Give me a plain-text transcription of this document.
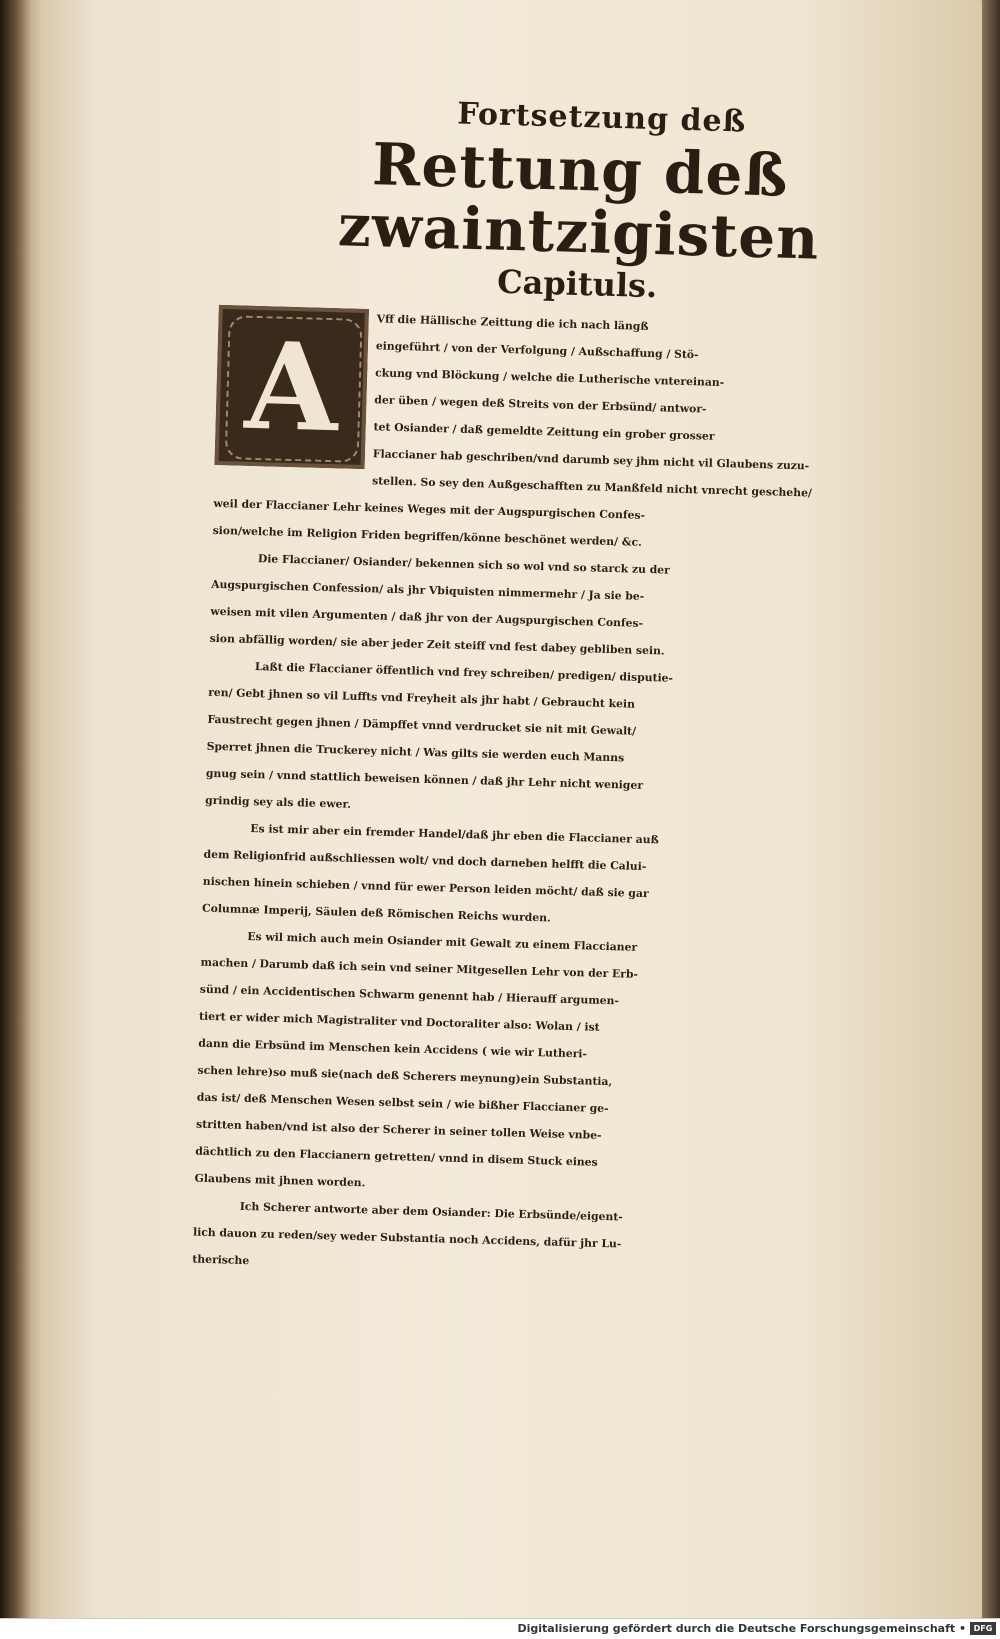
Fortsetzung deß
Rettung deß zwaintzigisten
Capituls.
A	Vff die Hällische Zeittung die ich nach längß

eingeführt / von der Verfolgung / Außschaffung / Stö-

ckung vnd Blöckung / welche die Lutherische vntereinan-

der üben / wegen deß Streits von der Erbsünd/ antwor-

tet Osiander / daß gemeldte Zeittung ein grober grosser

Flaccianer hab geschriben/vnd darumb sey jhm nicht vil Glaubens zuzu-

stellen. So sey den Außgeschafften zu Manßfeld nicht vnrecht geschehe/

weil der Flaccianer Lehr keines Weges mit der Augspurgischen Confes-

sion/welche im Religion Friden begriffen/könne beschönet werden/ &c.

Die Flaccianer/ Osiander/ bekennen sich so wol vnd so starck zu der

Augspurgischen Confession/ als jhr Vbiquisten nimmermehr / Ja sie be-

weisen mit vilen Argumenten / daß jhr von der Augspurgischen Confes-

sion abfällig worden/ sie aber jeder Zeit steiff vnd fest dabey gebliben sein.

Laßt die Flaccianer öffentlich vnd frey schreiben/ predigen/ disputie-

ren/ Gebt jhnen so vil Luffts vnd Freyheit als jhr habt / Gebraucht kein

Faustrecht gegen jhnen / Dämpffet vnnd verdrucket sie nit mit Gewalt/

Sperret jhnen die Truckerey nicht / Was gilts sie werden euch Manns

gnug sein / vnnd stattlich beweisen können / daß jhr Lehr nicht weniger

grindig sey als die ewer.

Es ist mir aber ein fremder Handel/daß jhr eben die Flaccianer auß

dem Religionfrid außschliessen wolt/ vnd doch darneben helfft die Calui-

nischen hinein schieben / vnnd für ewer Person leiden möcht/ daß sie gar

Columnæ Imperij, Säulen deß Römischen Reichs wurden.

Es wil mich auch mein Osiander mit Gewalt zu einem Flaccianer

machen / Darumb daß ich sein vnd seiner Mitgesellen Lehr von der Erb-

sünd / ein Accidentischen Schwarm genennt hab / Hierauff argumen-

tiert er wider mich Magistraliter vnd Doctoraliter also: Wolan / ist

dann die Erbsünd im Menschen kein Accidens ( wie wir Lutheri-

schen lehre)so muß sie(nach deß Scherers meynung)ein Substantia,

das ist/ deß Menschen Wesen selbst sein / wie bißher Flaccianer ge-

stritten haben/vnd ist also der Scherer in seiner tollen Weise vnbe-

dächtlich zu den Flaccianern getretten/ vnnd in disem Stuck eines

Glaubens mit jhnen worden.

Ich Scherer antworte aber dem Osiander: Die Erbsünde/eigent-

lich dauon zu reden/sey weder Substantia noch Accidens, dafür jhr Lu-

therische

Digitalisierung gefördert durch die Deutsche Forschungsgemeinschaft • DFG
